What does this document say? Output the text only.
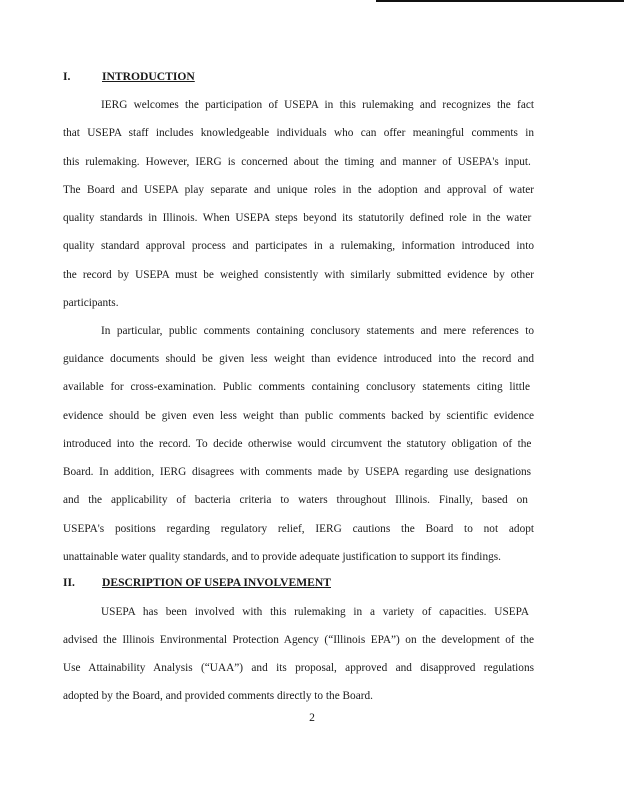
I.	INTRODUCTION
IERG welcomes the participation of USEPA in this rulemaking and recognizes the fact
that USEPA staff includes knowledgeable individuals who can offer meaningful comments in
this rulemaking. However, IERG is concerned about the timing and manner of USEPA's input.
The Board and USEPA play separate and unique roles in the adoption and approval of water
quality standards in Illinois. When USEPA steps beyond its statutorily defined role in the water
quality standard approval process and participates in a rulemaking, information introduced into
the record by USEPA must be weighed consistently with similarly submitted evidence by other
participants.
In particular, public comments containing conclusory statements and mere references to
guidance documents should be given less weight than evidence introduced into the record and
available for cross-examination. Public comments containing conclusory statements citing little
evidence should be given even less weight than public comments backed by scientific evidence
introduced into the record. To decide otherwise would circumvent the statutory obligation of the
Board. In addition, IERG disagrees with comments made by USEPA regarding use designations
and the applicability of bacteria criteria to waters throughout Illinois. Finally, based on
USEPA's positions regarding regulatory relief, IERG cautions the Board to not adopt
unattainable water quality standards, and to provide adequate justification to support its findings.
II. DESCRIPTION OF USEPA INVOLVEMENT
USEPA has been involved with this rulemaking in a variety of capacities. USEPA
advised the Illinois Environmental Protection Agency (“Illinois EPA”) on the development of the
Use Attainability Analysis (“UAA”) and its proposal, approved and disapproved regulations
adopted by the Board, and provided comments directly to the Board.
2
